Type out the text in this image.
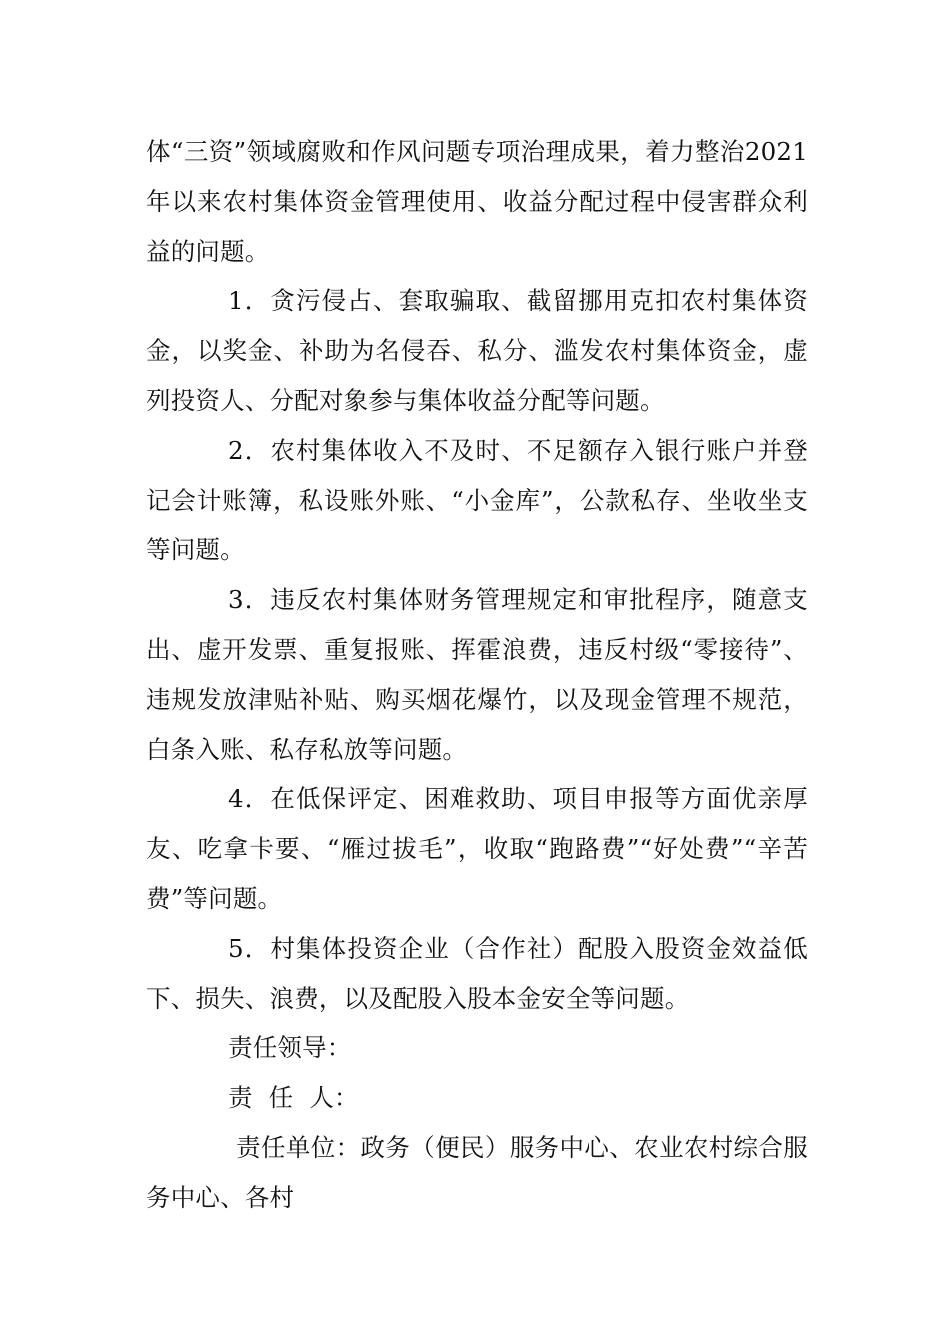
体“三资”领域腐败和作风问题专项治理成果，着力整治2021年以来农村集体资金管理使用、收益分配过程中侵害群众利益的问题。

1．贪污侵占、套取骗取、截留挪用克扣农村集体资金，以奖金、补助为名侵吞、私分、滥发农村集体资金，虚列投资人、分配对象参与集体收益分配等问题。

2．农村集体收入不及时、不足额存入银行账户并登记会计账簿，私设账外账、“小金库”，公款私存、坐收坐支等问题。

3．违反农村集体财务管理规定和审批程序，随意支出、虚开发票、重复报账、挥霍浪费，违反村级“零接待”、违规发放津贴补贴、购买烟花爆竹，以及现金管理不规范，白条入账、私存私放等问题。

4．在低保评定、困难救助、项目申报等方面优亲厚友、吃拿卡要、“雁过拔毛”，收取“跑路费”“好处费”“辛苦费”等问题。

5．村集体投资企业（合作社）配股入股资金效益低下、损失、浪费，以及配股入股本金安全等问题。

责任领导：

责  任  人：

责任单位：政务（便民）服务中心、农业农村综合服务中心、各村
